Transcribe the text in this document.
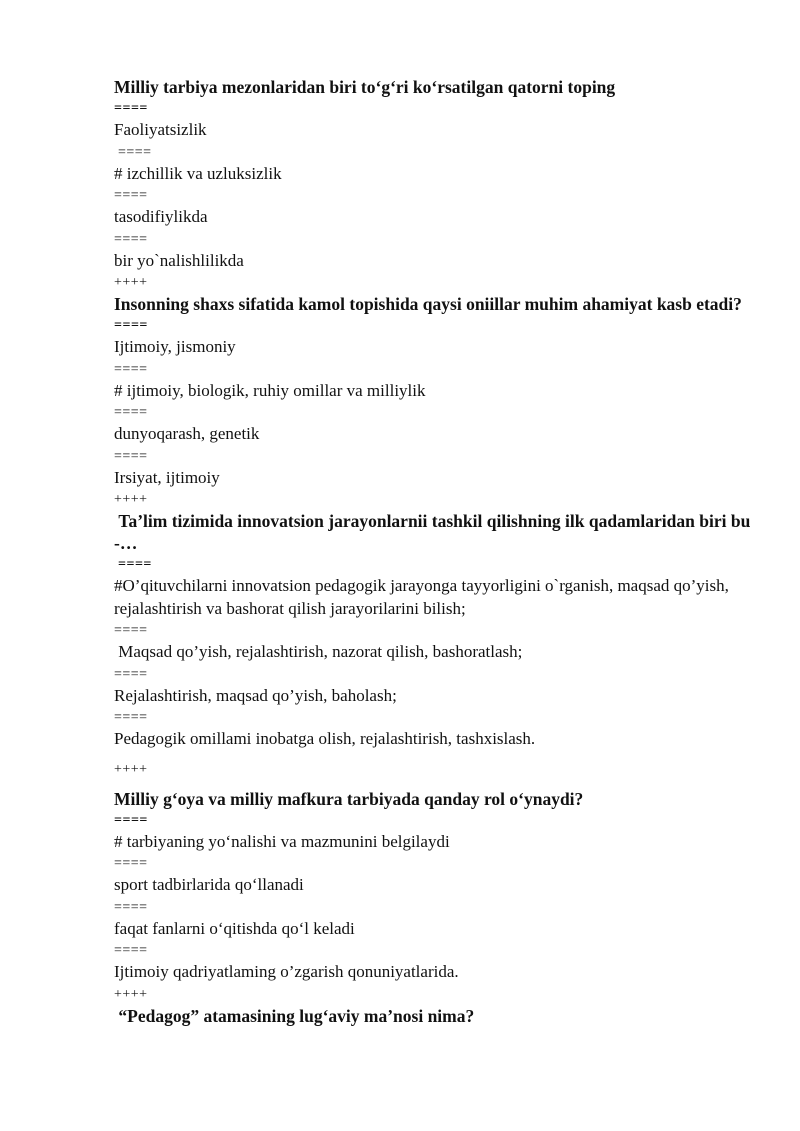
Milliy tarbiya mezonlaridan biri to‘g‘ri ko‘rsatilgan qatorni toping

====

Faoliyatsizlik

====

# izchillik va uzluksizlik

====

tasodifiylikda

====

bir yo`nalishlilikda

++++

Insonning shaxs sifatida kamol topishida qaysi oniillar muhim ahamiyat kasb etadi?

====

Ijtimoiy, jismoniy

====

# ijtimoiy, biologik, ruhiy omillar va milliylik

====

dunyoqarash, genetik

====

Irsiyat, ijtimoiy

++++

Ta’lim tizimida innovatsion jarayonlarnii tashkil qilishning ilk qadamlaridan biri bu -…

====

#O’qituvchilarni innovatsion pedagogik jarayonga tayyorligini o`rganish, maqsad qo’yish, rejalashtirish va bashorat qilish jarayorilarini bilish;

====

Maqsad qo’yish, rejalashtirish, nazorat qilish, bashoratlash;

====

Rejalashtirish, maqsad qo’yish, baholash;

====

Pedagogik omillami inobatga olish, rejalashtirish, tashxislash.

++++

Milliy g‘oya va milliy mafkura tarbiyada qanday rol o‘ynaydi?

====

# tarbiyaning yo‘nalishi va mazmunini belgilaydi

====

sport tadbirlarida qo‘llanadi

====

faqat fanlarni o‘qitishda qo‘l keladi

====

Ijtimoiy qadriyatlaming o’zgarish qonuniyatlarida.

++++

“Pedagog” atamasining lug‘aviy ma’nosi nima?
